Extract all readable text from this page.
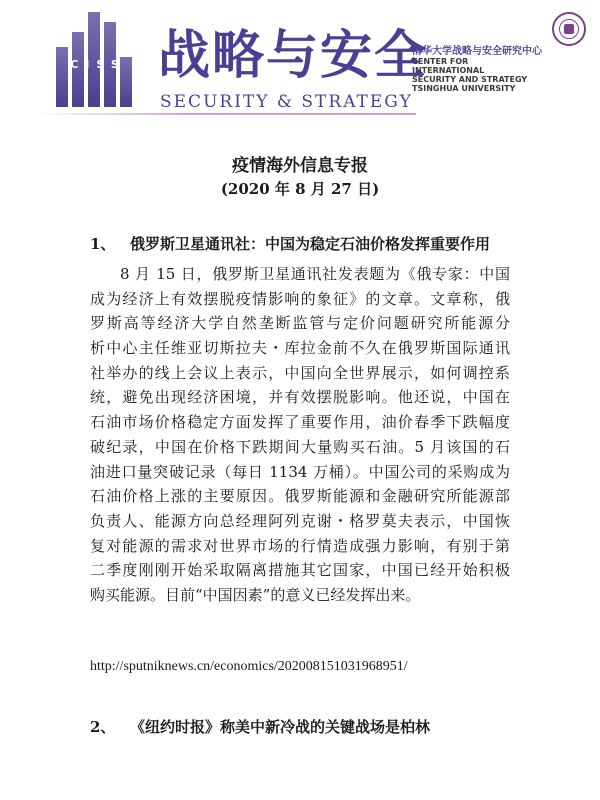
CISS 战略与安全
SECURITY & STRATEGY
清华大学战略与安全研究中心
CENTER FOR
INTERNATIONAL
SECURITY AND STRATEGY
TSINGHUA UNIVERSITY
疫情海外信息专报
(2020 年 8 月 27 日)
1、 俄罗斯卫星通讯社：中国为稳定石油价格发挥重要作用
8 月 15 日，俄罗斯卫星通讯社发表题为《俄专家：中国
成为经济上有效摆脱疫情影响的象征》的文章。文章称，俄
罗斯高等经济大学自然垄断监管与定价问题研究所能源分
析中心主任维亚切斯拉夫・库拉金前不久在俄罗斯国际通讯
社举办的线上会议上表示，中国向全世界展示，如何调控系
统，避免出现经济困境，并有效摆脱影响。他还说，中国在
石油市场价格稳定方面发挥了重要作用，油价春季下跌幅度
破纪录，中国在价格下跌期间大量购买石油。5 月该国的石
油进口量突破记录（每日 1134 万桶）。中国公司的采购成为
石油价格上涨的主要原因。俄罗斯能源和金融研究所能源部
负责人、能源方向总经理阿列克谢・格罗莫夫表示，中国恢
复对能源的需求对世界市场的行情造成强力影响，有别于第
二季度刚刚开始采取隔离措施其它国家，中国已经开始积极
购买能源。目前“中国因素”的意义已经发挥出来。
http://sputniknews.cn/economics/202008151031968951/
2、 《纽约时报》称美中新冷战的关键战场是柏林
